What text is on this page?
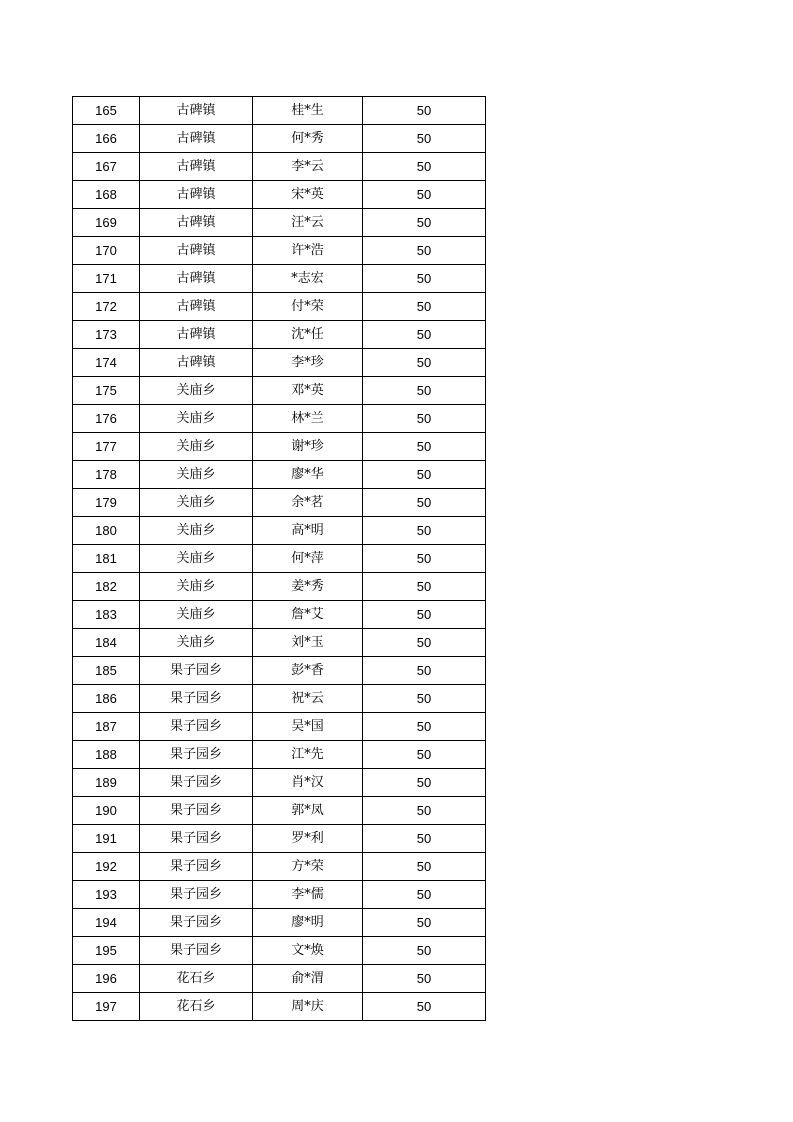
165	古碑镇	桂*生	50
166	古碑镇	何*秀	50
167	古碑镇	李*云	50
168	古碑镇	宋*英	50
169	古碑镇	汪*云	50
170	古碑镇	许*浩	50
171	古碑镇	*志宏	50
172	古碑镇	付*荣	50
173	古碑镇	沈*任	50
174	古碑镇	李*珍	50
175	关庙乡	邓*英	50
176	关庙乡	林*兰	50
177	关庙乡	谢*珍	50
178	关庙乡	廖*华	50
179	关庙乡	余*茗	50
180	关庙乡	高*明	50
181	关庙乡	何*萍	50
182	关庙乡	姜*秀	50
183	关庙乡	詹*艾	50
184	关庙乡	刘*玉	50
185	果子园乡	彭*香	50
186	果子园乡	祝*云	50
187	果子园乡	吴*国	50
188	果子园乡	江*先	50
189	果子园乡	肖*汉	50
190	果子园乡	郭*凤	50
191	果子园乡	罗*利	50
192	果子园乡	方*荣	50
193	果子园乡	李*儒	50
194	果子园乡	廖*明	50
195	果子园乡	文*焕	50
196	花石乡	俞*渭	50
197	花石乡	周*庆	50
